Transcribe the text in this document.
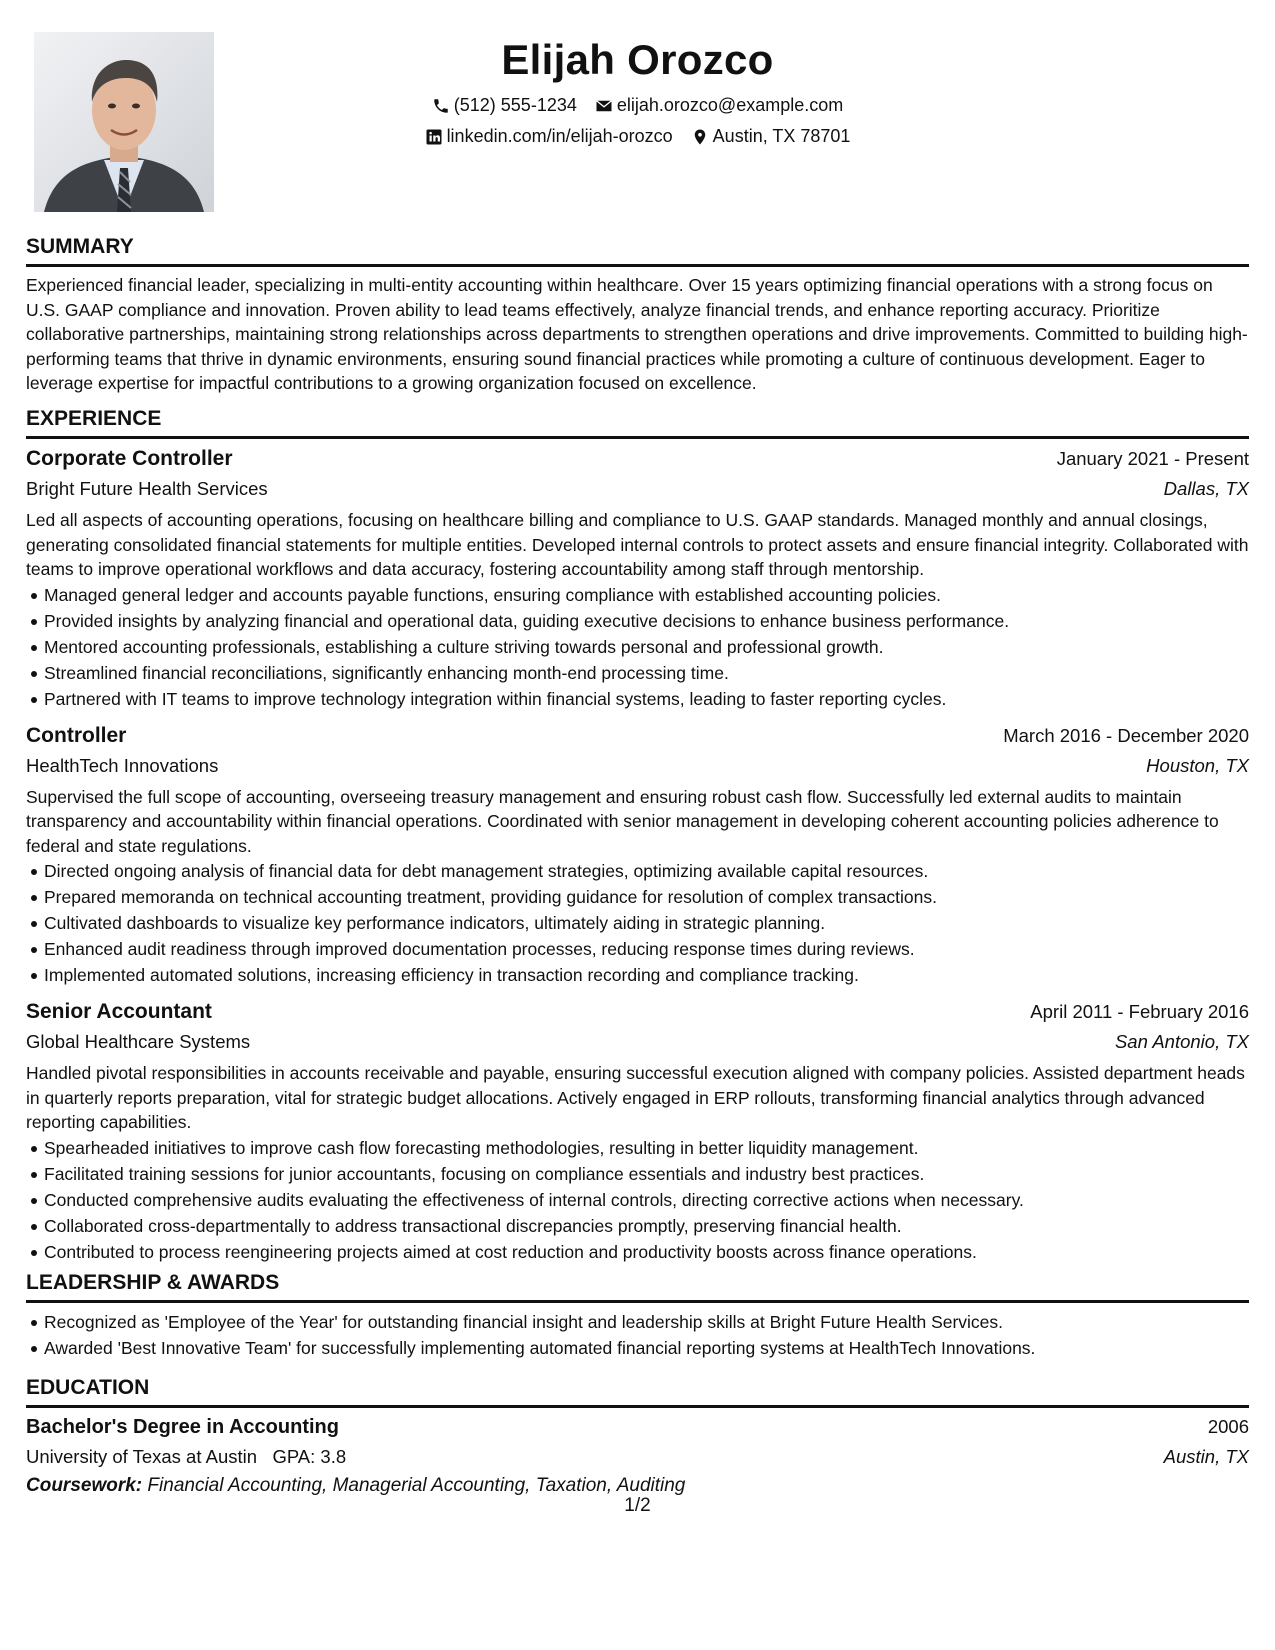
Elijah Orozco
(512) 555-1234 elijah.orozco@example.com
linkedin.com/in/elijah-orozco Austin, TX 78701
SUMMARY

Experienced financial leader, specializing in multi-entity accounting within healthcare. Over 15 years optimizing financial operations with a strong focus on U.S. GAAP compliance and innovation. Proven ability to lead teams effectively, analyze financial trends, and enhance reporting accuracy. Prioritize collaborative partnerships, maintaining strong relationships across departments to strengthen operations and drive improvements. Committed to building high-performing teams that thrive in dynamic environments, ensuring sound financial practices while promoting a culture of continuous development. Eager to leverage expertise for impactful contributions to a growing organization focused on excellence.

EXPERIENCE
Corporate Controller	January 2021 - Present
Bright Future Health Services	Dallas, TX

Led all aspects of accounting operations, focusing on healthcare billing and compliance to U.S. GAAP standards. Managed monthly and annual closings, generating consolidated financial statements for multiple entities. Developed internal controls to protect assets and ensure financial integrity. Collaborated with teams to improve operational workflows and data accuracy, fostering accountability among staff through mentorship.

Managed general ledger and accounts payable functions, ensuring compliance with established accounting policies.
Provided insights by analyzing financial and operational data, guiding executive decisions to enhance business performance.
Mentored accounting professionals, establishing a culture striving towards personal and professional growth.
Streamlined financial reconciliations, significantly enhancing month-end processing time.
Partnered with IT teams to improve technology integration within financial systems, leading to faster reporting cycles.
Controller	March 2016 - December 2020
HealthTech Innovations	Houston, TX

Supervised the full scope of accounting, overseeing treasury management and ensuring robust cash flow. Successfully led external audits to maintain transparency and accountability within financial operations. Coordinated with senior management in developing coherent accounting policies adherence to federal and state regulations.

Directed ongoing analysis of financial data for debt management strategies, optimizing available capital resources.
Prepared memoranda on technical accounting treatment, providing guidance for resolution of complex transactions.
Cultivated dashboards to visualize key performance indicators, ultimately aiding in strategic planning.
Enhanced audit readiness through improved documentation processes, reducing response times during reviews.
Implemented automated solutions, increasing efficiency in transaction recording and compliance tracking.
Senior Accountant	April 2011 - February 2016
Global Healthcare Systems	San Antonio, TX

Handled pivotal responsibilities in accounts receivable and payable, ensuring successful execution aligned with company policies. Assisted department heads in quarterly reports preparation, vital for strategic budget allocations. Actively engaged in ERP rollouts, transforming financial analytics through advanced reporting capabilities.

Spearheaded initiatives to improve cash flow forecasting methodologies, resulting in better liquidity management.
Facilitated training sessions for junior accountants, focusing on compliance essentials and industry best practices.
Conducted comprehensive audits evaluating the effectiveness of internal controls, directing corrective actions when necessary.
Collaborated cross-departmentally to address transactional discrepancies promptly, preserving financial health.
Contributed to process reengineering projects aimed at cost reduction and productivity boosts across finance operations.
LEADERSHIP & AWARDS
Recognized as 'Employee of the Year' for outstanding financial insight and leadership skills at Bright Future Health Services.
Awarded 'Best Innovative Team' for successfully implementing automated financial reporting systems at HealthTech Innovations.
EDUCATION
Bachelor's Degree in Accounting	2006
University of Texas at Austin GPA: 3.8	Austin, TX
Coursework: Financial Accounting, Managerial Accounting, Taxation, Auditing
1/2
